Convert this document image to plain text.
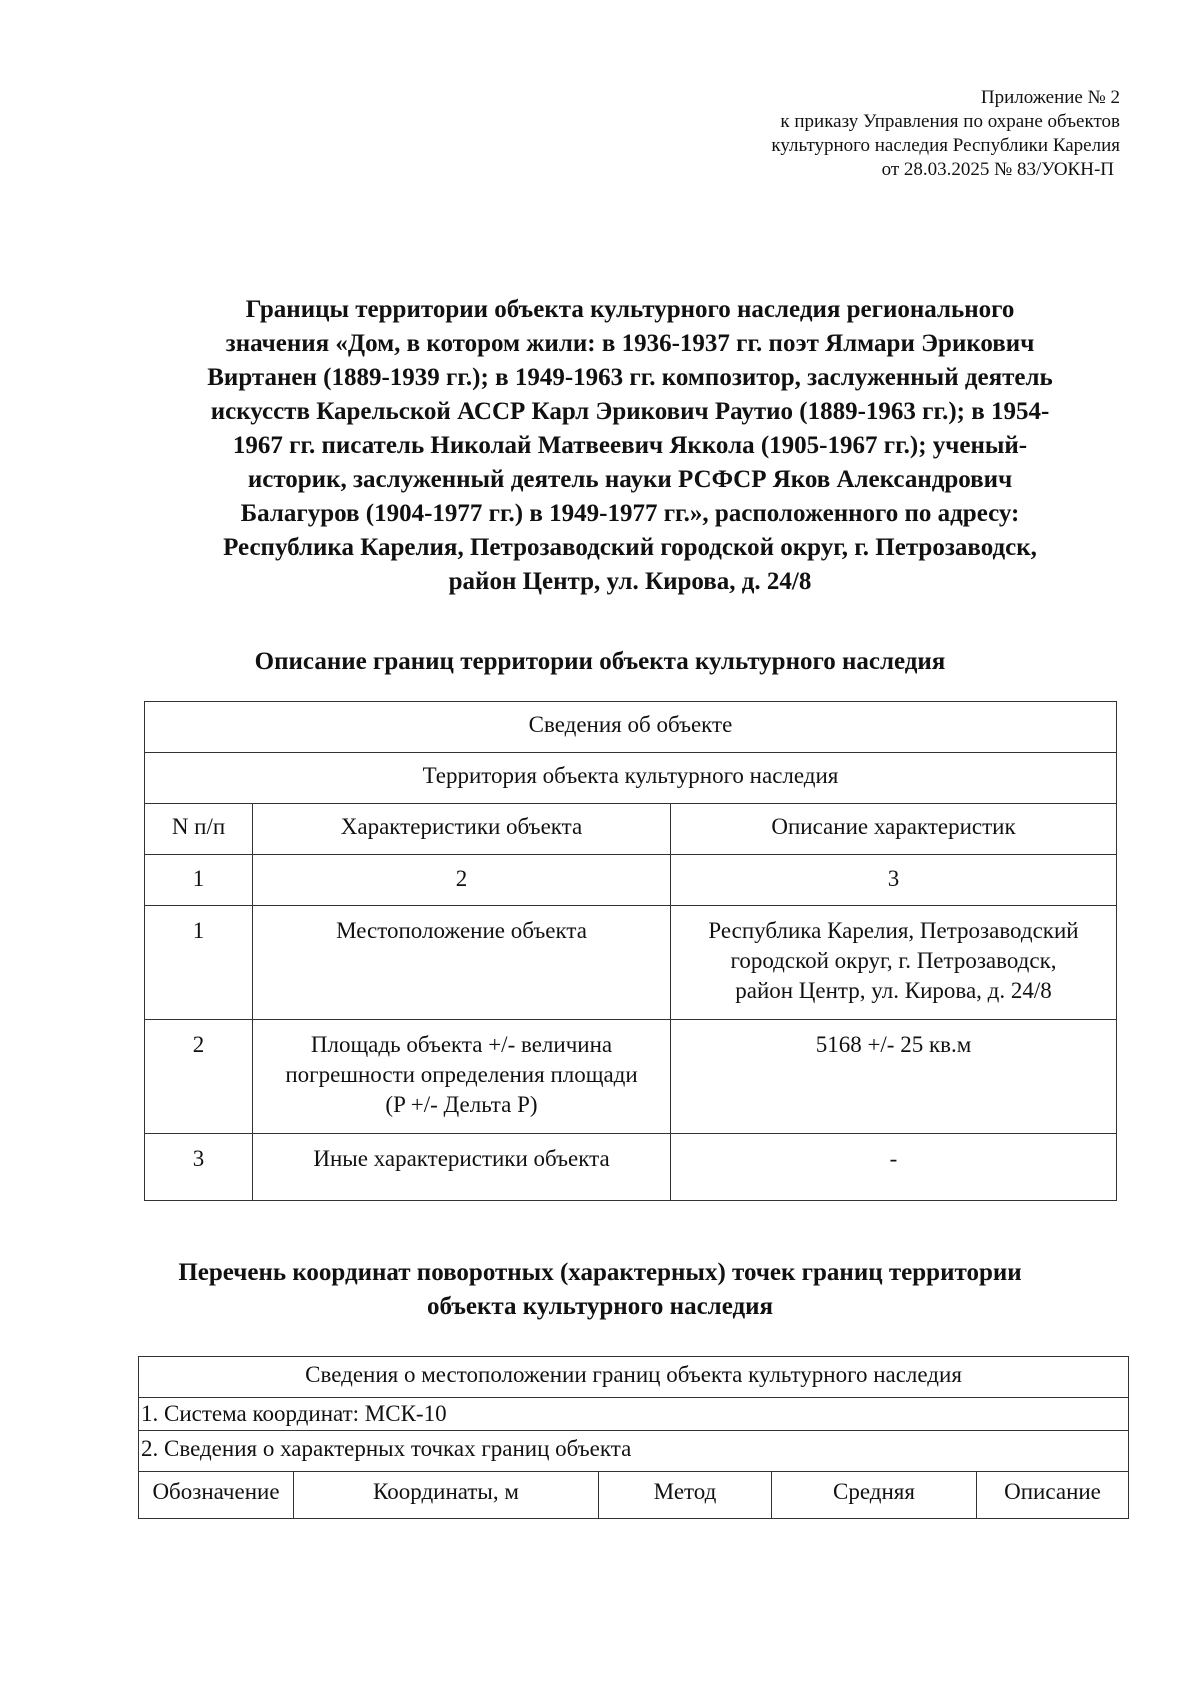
Приложение № 2
к приказу Управления по охране объектов
культурного наследия Республики Карелия
от 28.03.2025 № 83/УОКН-П
Границы территории объекта культурного наследия регионального
значения «Дом, в котором жили: в 1936-1937 гг. поэт Ялмари Эрикович
Виртанен (1889-1939 гг.); в 1949-1963 гг. композитор, заслуженный деятель
искусств Карельской АССР Карл Эрикович Раутио (1889-1963 гг.); в 1954-
1967 гг. писатель Николай Матвеевич Яккола (1905-1967 гг.); ученый-
историк, заслуженный деятель науки РСФСР Яков Александрович
Балагуров (1904-1977 гг.) в 1949-1977 гг.», расположенного по адресу:
Республика Карелия, Петрозаводский городской округ, г. Петрозаводск,
район Центр, ул. Кирова, д. 24/8
Описание границ территории объекта культурного наследия
Сведения об объекте		
Территория объекта культурного наследия		
N п/п	Характеристики объекта	Описание характеристик
1	2	3
1	Местоположение объекта	Республика Карелия, Петрозаводский
городской округ, г. Петрозаводск,
район Центр, ул. Кирова, д. 24/8

2	Площадь объекта +/- величина
погрешности определения площади
(P +/- Дельта P)	5168 +/- 25 кв.м

3	Иные характеристики объекта	-
Перечень координат поворотных (характерных) точек границ территории
объекта культурного наследия
Сведения о местоположении границ объекта культурного наследия
1. Система координат: МСК-10
2. Сведения о характерных точках границ объекта
Обозначение	Координаты, м	Метод	Средняя	Описание
